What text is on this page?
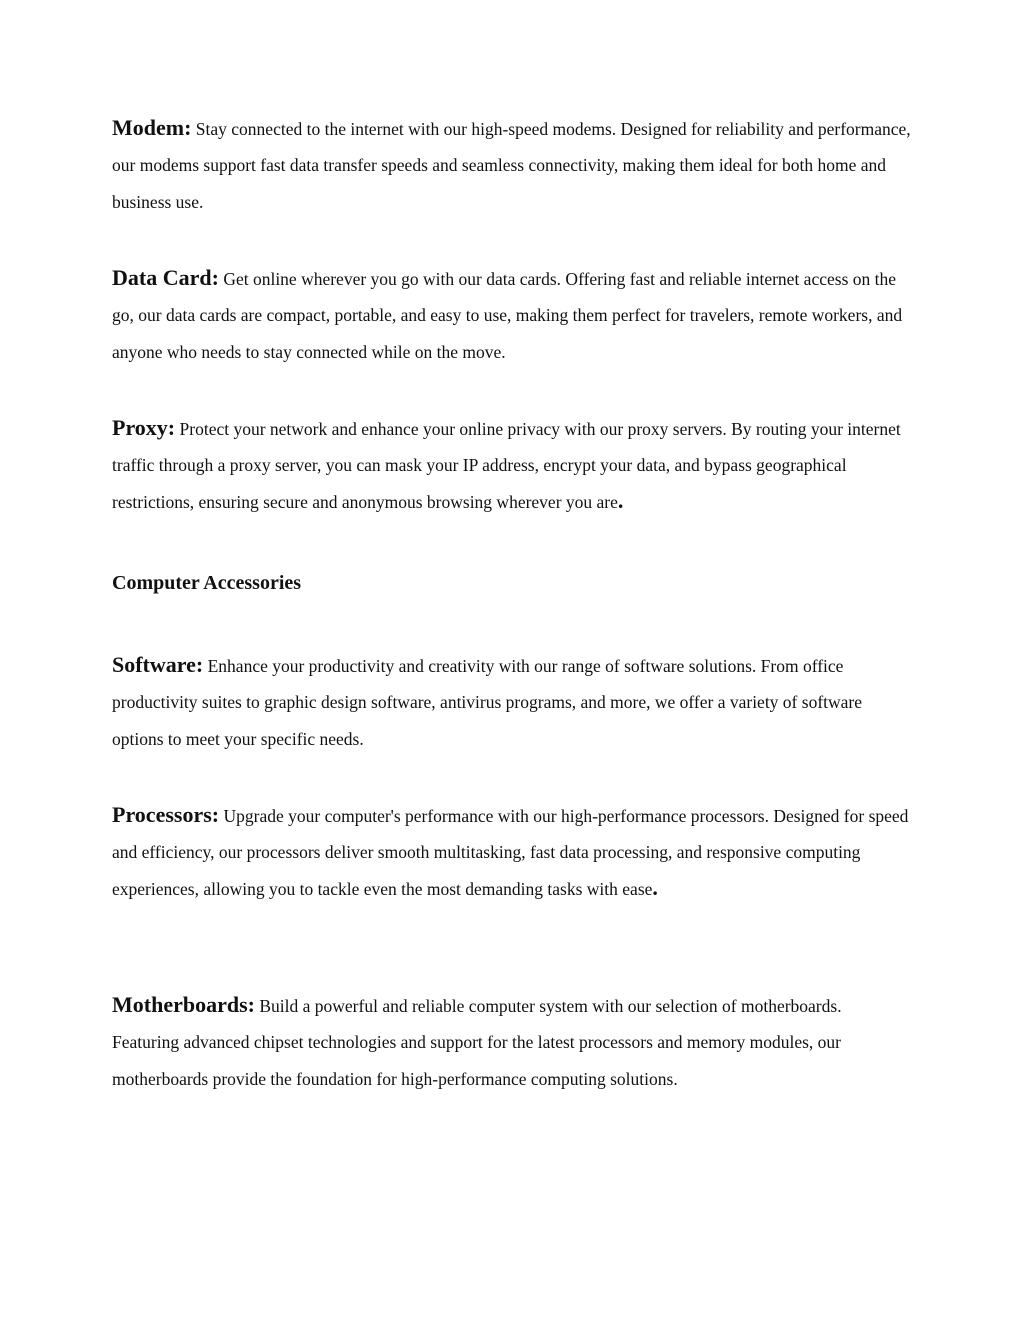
Modem: Stay connected to the internet with our high-speed modems. Designed for reliability and performance, our modems support fast data transfer speeds and seamless connectivity, making them ideal for both home and business use.

Data Card: Get online wherever you go with our data cards. Offering fast and reliable internet access on the go, our data cards are compact, portable, and easy to use, making them perfect for travelers, remote workers, and anyone who needs to stay connected while on the move.

Proxy: Protect your network and enhance your online privacy with our proxy servers. By routing your internet traffic through a proxy server, you can mask your IP address, encrypt your data, and bypass geographical restrictions, ensuring secure and anonymous browsing wherever you are.

Computer Accessories

Software: Enhance your productivity and creativity with our range of software solutions. From office productivity suites to graphic design software, antivirus programs, and more, we offer a variety of software options to meet your specific needs.

Processors: Upgrade your computer's performance with our high-performance processors. Designed for speed and efficiency, our processors deliver smooth multitasking, fast data processing, and responsive computing experiences, allowing you to tackle even the most demanding tasks with ease.

Motherboards: Build a powerful and reliable computer system with our selection of motherboards. Featuring advanced chipset technologies and support for the latest processors and memory modules, our motherboards provide the foundation for high-performance computing solutions.
